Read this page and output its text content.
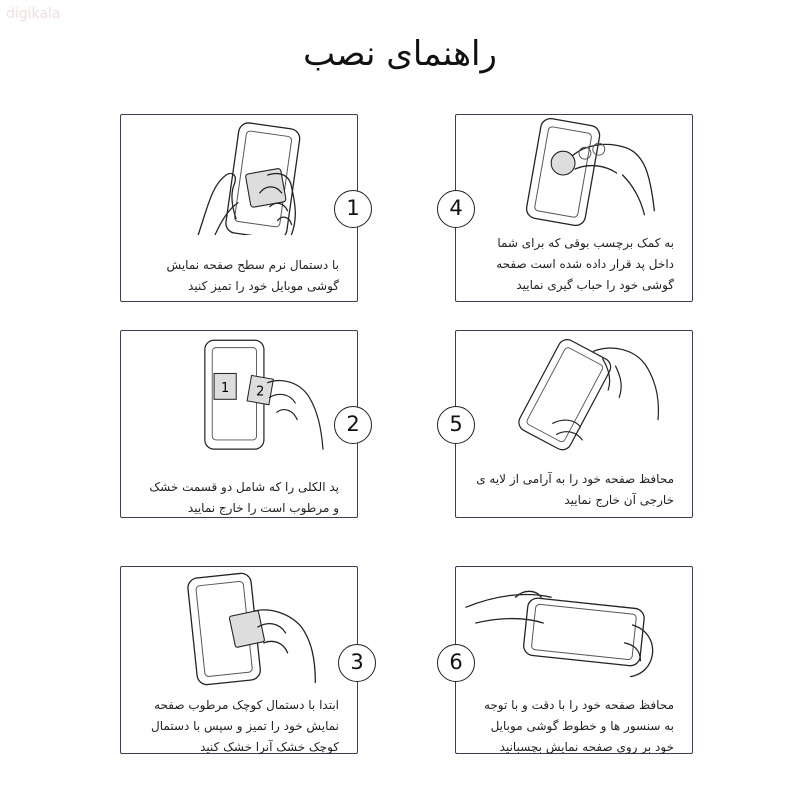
digikala
راهنمای نصب
با دستمال نرم سطح صفحه نمایش
گوشی موبایل خود را تمیز کنید
1
به کمک برچسب بوقی که برای شما
داخل پد قرار داده شده است صفحه
گوشی خود را حباب گیری نمایید
4
1 2
پد الکلی را که شامل دو قسمت خشک
و مرطوب است را خارج نمایید
2
محافظ صفحه خود را به آرامی از لایه ی
خارجی آن خارج نمایید
5
ابتدا با دستمال کوچک مرطوب صفحه
نمایش خود را تمیز و سپس با دستمال
کوچک خشک آنرا خشک کنید
3
محافظ صفحه خود را با دقت و با توجه
به سنسور ها و خطوط گوشی موبایل
خود بر روی صفحه نمایش بچسبانید
6
